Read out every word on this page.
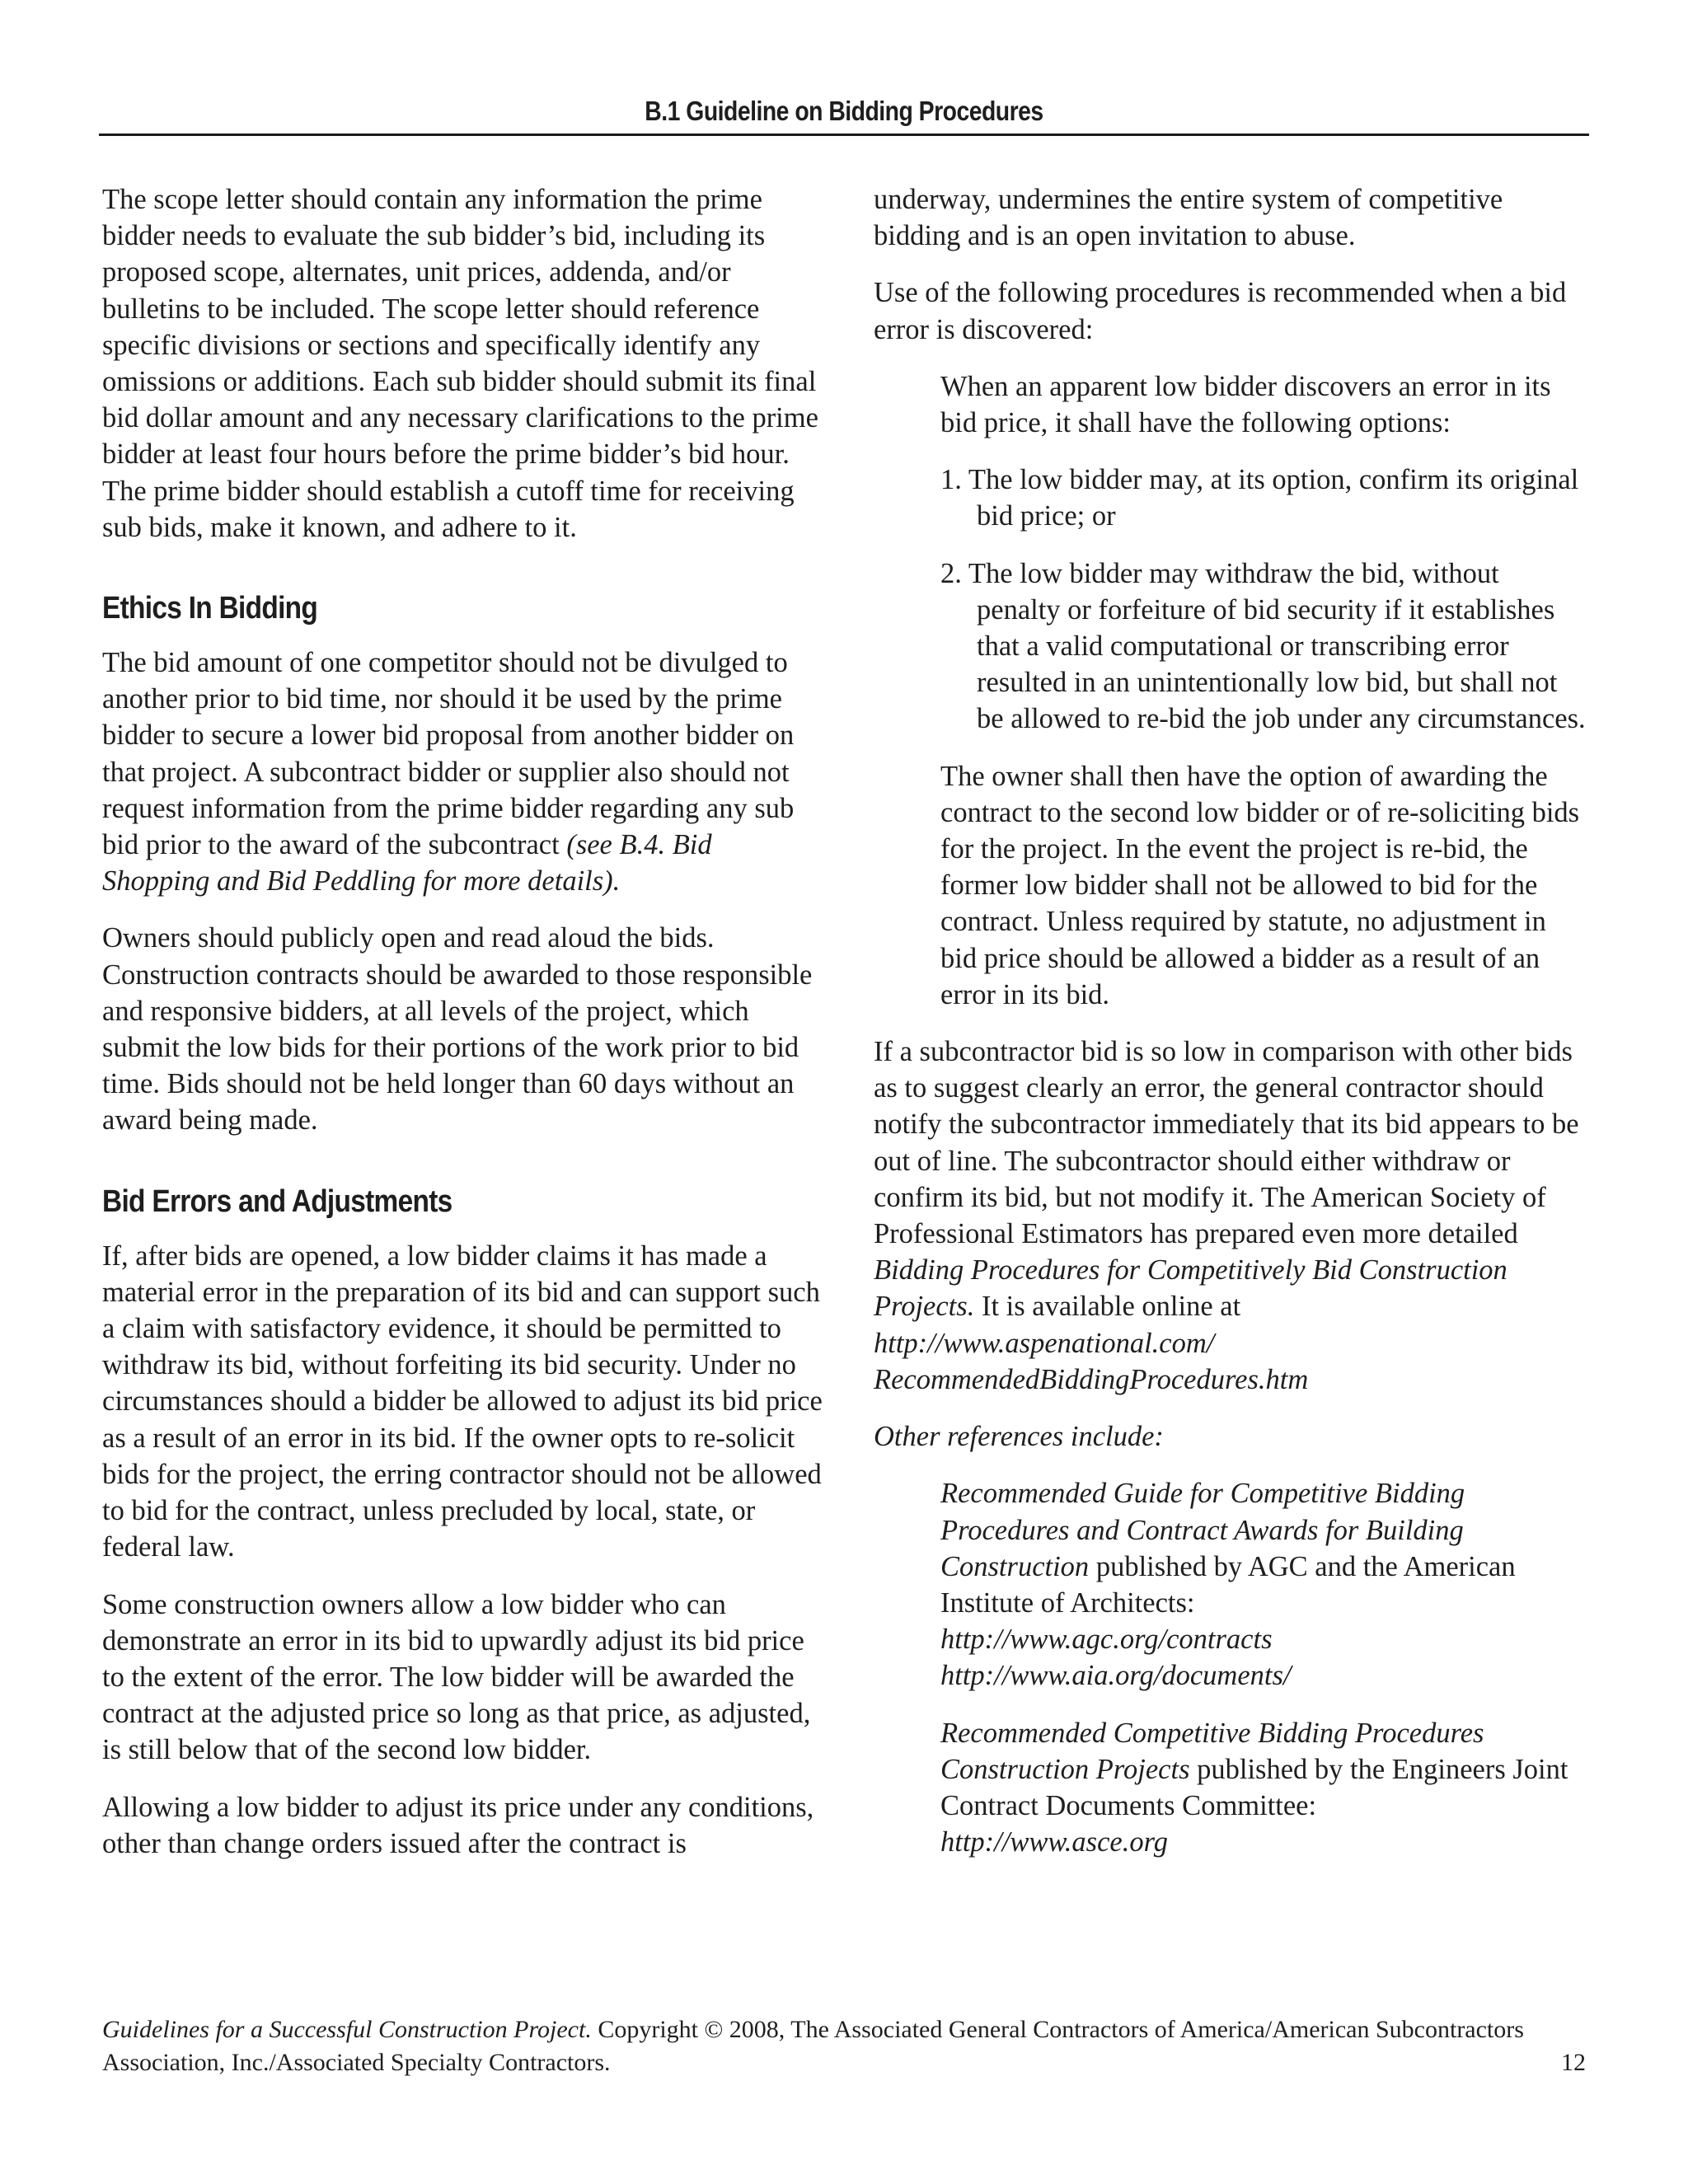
B.1 Guideline on Bidding Procedures

The scope letter should contain any information the prime bidder needs to evaluate the sub bidder’s bid, including its proposed scope, alternates, unit prices, addenda, and/or bulletins to be included. The scope letter should reference specific divisions or sections and specifically identify any omissions or additions. Each sub bidder should submit its final bid dollar amount and any necessary clarifications to the prime bidder at least four hours before the prime bidder’s bid hour. The prime bidder should establish a cutoff time for receiving sub bids, make it known, and adhere to it.

Ethics In Bidding

The bid amount of one competitor should not be divulged to another prior to bid time, nor should it be used by the prime bidder to secure a lower bid proposal from another bidder on that project. A subcontract bidder or supplier also should not request information from the prime bidder regarding any sub bid prior to the award of the subcontract (see B.4. Bid Shopping and Bid Peddling for more details).

Owners should publicly open and read aloud the bids. Construction contracts should be awarded to those responsible and responsive bidders, at all levels of the project, which submit the low bids for their portions of the work prior to bid time. Bids should not be held longer than 60 days without an award being made.

Bid Errors and Adjustments

If, after bids are opened, a low bidder claims it has made a material error in the preparation of its bid and can support such a claim with satisfactory evidence, it should be permitted to withdraw its bid, without forfeiting its bid security. Under no circumstances should a bidder be allowed to adjust its bid price as a result of an error in its bid. If the owner opts to re-solicit bids for the project, the erring contractor should not be allowed to bid for the contract, unless precluded by local, state, or federal law.

Some construction owners allow a low bidder who can demonstrate an error in its bid to upwardly adjust its bid price to the extent of the error. The low bidder will be awarded the contract at the adjusted price so long as that price, as adjusted, is still below that of the second low bidder.

Allowing a low bidder to adjust its price under any conditions, other than change orders issued after the contract is

underway, undermines the entire system of competitive bidding and is an open invitation to abuse.

Use of the following procedures is recommended when a bid error is discovered:

When an apparent low bidder discovers an error in its bid price, it shall have the following options:

1. The low bidder may, at its option, confirm its original bid price; or

2. The low bidder may withdraw the bid, without penalty or forfeiture of bid security if it establishes that a valid computational or transcribing error resulted in an unintentionally low bid, but shall not be allowed to re-bid the job under any circumstances.

The owner shall then have the option of awarding the contract to the second low bidder or of re-soliciting bids for the project. In the event the project is re-bid, the former low bidder shall not be allowed to bid for the contract. Unless required by statute, no adjustment in bid price should be allowed a bidder as a result of an error in its bid.

If a subcontractor bid is so low in comparison with other bids as to suggest clearly an error, the general contractor should notify the subcontractor immediately that its bid appears to be out of line. The subcontractor should either withdraw or confirm its bid, but not modify it. The American Society of Professional Estimators has prepared even more detailed Bidding Procedures for Competitively Bid Construction Projects. It is available online at http://www.aspenational.com/ RecommendedBiddingProcedures.htm

Other references include:

Recommended Guide for Competitive Bidding Procedures and Contract Awards for Building Construction published by AGC and the American Institute of Architects:
http://www.agc.org/contracts
http://www.aia.org/documents/
Recommended Competitive Bidding Procedures Construction Projects published by the Engineers Joint Contract Documents Committee:
http://www.asce.org
Guidelines for a Successful Construction Project. Copyright © 2008, The Associated General Contractors of America/American Subcontractors Association, Inc./Associated Specialty Contractors.	12
